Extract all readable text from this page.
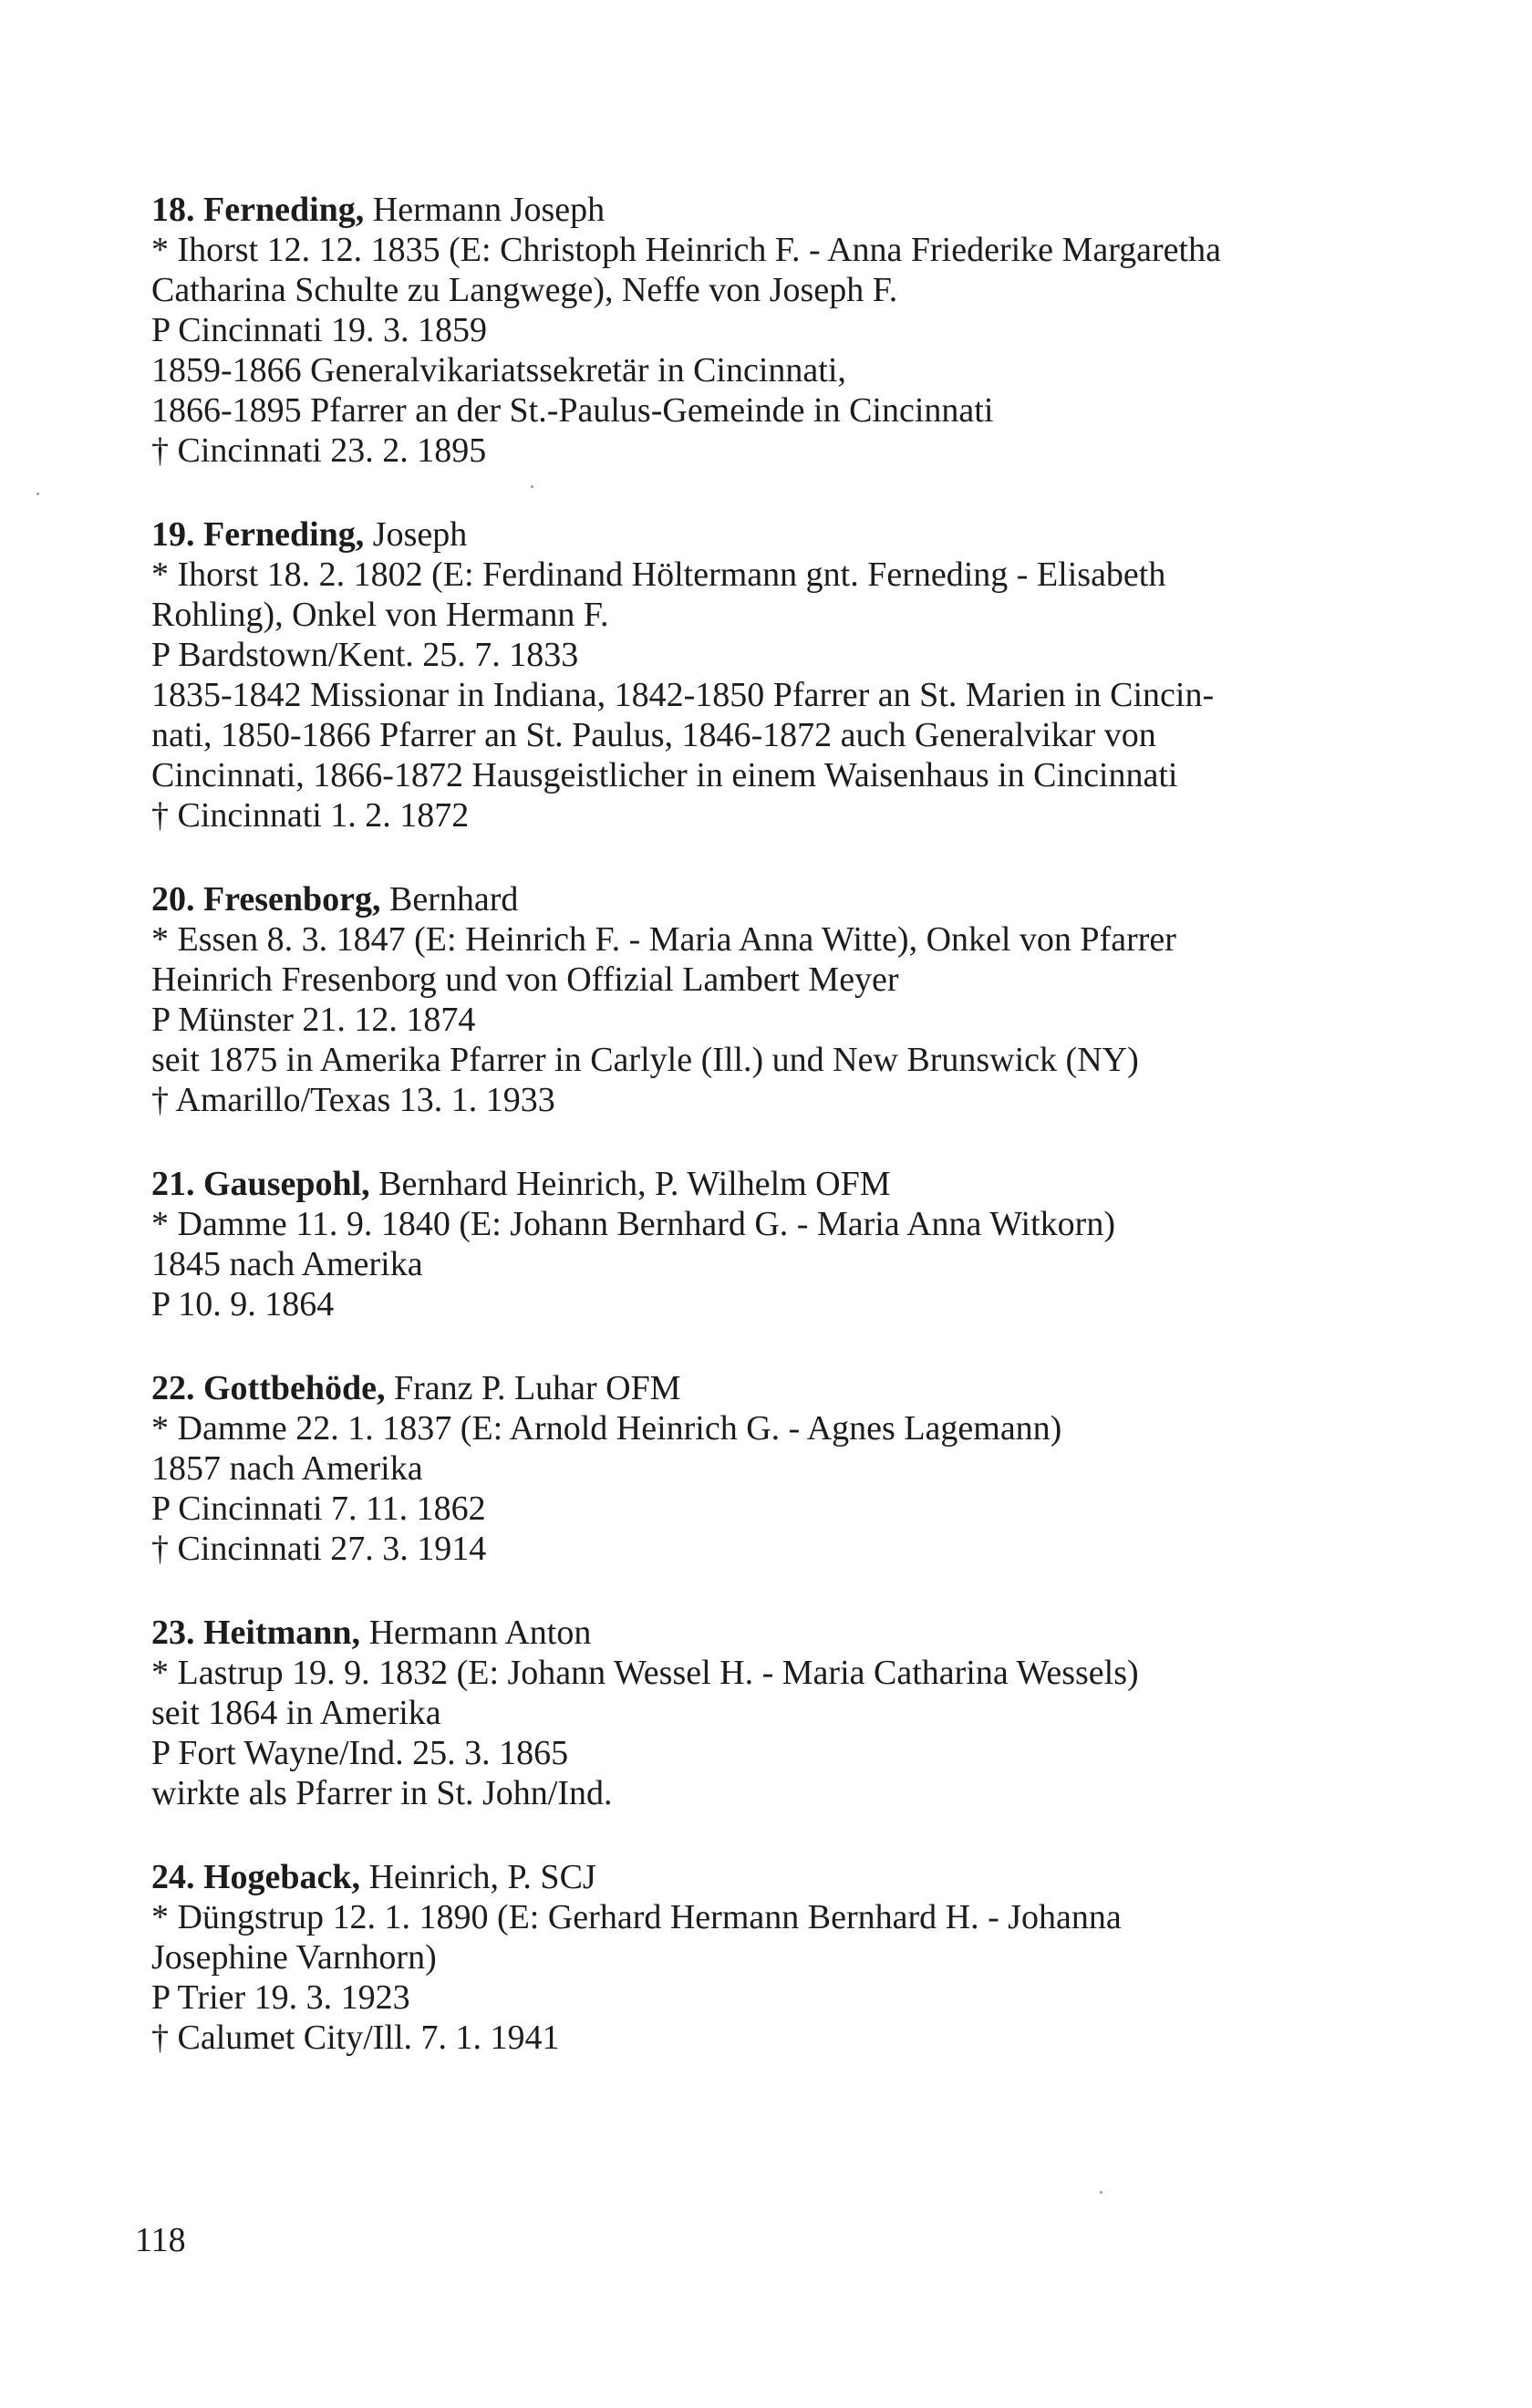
18. Ferneding, Hermann Joseph
* Ihorst 12. 12. 1835 (E: Christoph Heinrich F. - Anna Friederike Margaretha
Catharina Schulte zu Langwege), Neffe von Joseph F.
P Cincinnati 19. 3. 1859
1859-1866 Generalvikariatssekretär in Cincinnati,
1866-1895 Pfarrer an der St.-Paulus-Gemeinde in Cincinnati
† Cincinnati 23. 2. 1895
19. Ferneding, Joseph
* Ihorst 18. 2. 1802 (E: Ferdinand Höltermann gnt. Ferneding - Elisabeth
Rohling), Onkel von Hermann F.
P Bardstown/Kent. 25. 7. 1833
1835-1842 Missionar in Indiana, 1842-1850 Pfarrer an St. Marien in Cincin-
nati, 1850-1866 Pfarrer an St. Paulus, 1846-1872 auch Generalvikar von
Cincinnati, 1866-1872 Hausgeistlicher in einem Waisenhaus in Cincinnati
† Cincinnati 1. 2. 1872
20. Fresenborg, Bernhard
* Essen 8. 3. 1847 (E: Heinrich F. - Maria Anna Witte), Onkel von Pfarrer
Heinrich Fresenborg und von Offizial Lambert Meyer
P Münster 21. 12. 1874
seit 1875 in Amerika Pfarrer in Carlyle (Ill.) und New Brunswick (NY)
† Amarillo/Texas 13. 1. 1933
21. Gausepohl, Bernhard Heinrich, P. Wilhelm OFM
* Damme 11. 9. 1840 (E: Johann Bernhard G. - Maria Anna Witkorn)
1845 nach Amerika
P 10. 9. 1864
22. Gottbehöde, Franz P. Luhar OFM
* Damme 22. 1. 1837 (E: Arnold Heinrich G. - Agnes Lagemann)
1857 nach Amerika
P Cincinnati 7. 11. 1862
† Cincinnati 27. 3. 1914
23. Heitmann, Hermann Anton
* Lastrup 19. 9. 1832 (E: Johann Wessel H. - Maria Catharina Wessels)
seit 1864 in Amerika
P Fort Wayne/Ind. 25. 3. 1865
wirkte als Pfarrer in St. John/Ind.
24. Hogeback, Heinrich, P. SCJ
* Düngstrup 12. 1. 1890 (E: Gerhard Hermann Bernhard H. - Johanna
Josephine Varnhorn)
P Trier 19. 3. 1923
† Calumet City/Ill. 7. 1. 1941
118
